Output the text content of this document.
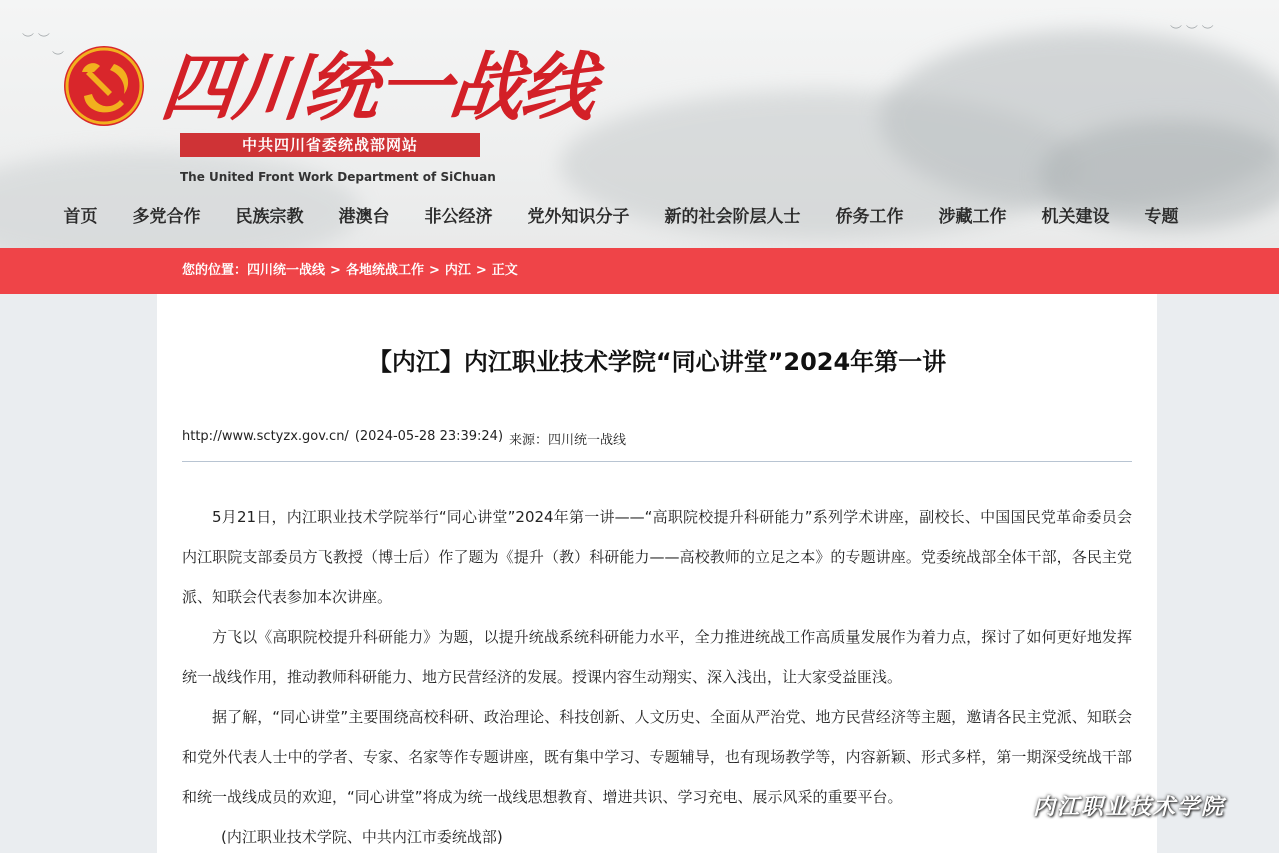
︶ ︶
︶
︶ ︶ ︶
四川统一战线
中共四川省委统战部网站
The United Front Work Department of SiChuan
首页	多党合作	民族宗教	港澳台	非公经济	党外知识分子	新的社会阶层人士	侨务工作	涉藏工作	机关建设	专题
您的位置： 四川统一战线 > 各地统战工作 > 内江 > 正文
【内江】内江职业技术学院“同心讲堂”2024年第一讲
http://www.sctyzx.gov.cn/ (2024-05-28 23:39:24) 来源：四川统一战线

5月21日，内江职业技术学院举行“同心讲堂”2024年第一讲——“高职院校提升科研能力”系列学术讲座，副校长、中国国民党革命委员会内江职院支部委员方飞教授（博士后）作了题为《提升（教）科研能力——高校教师的立足之本》的专题讲座。党委统战部全体干部，各民主党派、知联会代表参加本次讲座。

方飞以《高职院校提升科研能力》为题，以提升统战系统科研能力水平，全力推进统战工作高质量发展作为着力点，探讨了如何更好地发挥统一战线作用，推动教师科研能力、地方民营经济的发展。授课内容生动翔实、深入浅出，让大家受益匪浅。

据了解，“同心讲堂”主要围绕高校科研、政治理论、科技创新、人文历史、全面从严治党、地方民营经济等主题，邀请各民主党派、知联会和党外代表人士中的学者、专家、名家等作专题讲座，既有集中学习、专题辅导，也有现场教学等，内容新颖、形式多样，第一期深受统战干部和统一战线成员的欢迎，“同心讲堂”将成为统一战线思想教育、增进共识、学习充电、展示风采的重要平台。

(内江职业技术学院、中共内江市委统战部)

内江职业技术学院
